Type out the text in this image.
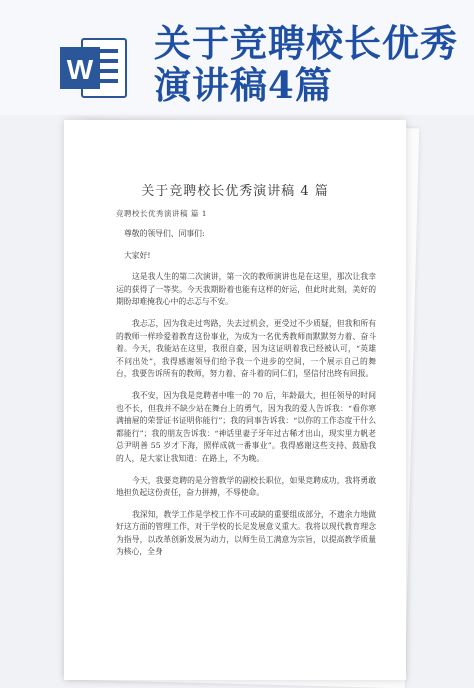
W
关于竞聘校长优秀
演讲稿4篇
关于竞聘校长优秀演讲稿 4 篇
竞聘校长优秀演讲稿 篇 1

尊敬的领导们、同事们:

大家好!

这是我人生的第二次演讲，第一次的教师演讲也是在这里，那次让我幸运的获得了一等奖。今天我期盼着也能有这样的好运，但此时此刻，美好的期盼却难掩我心中的忐忑与不安。

我忐忑，因为我走过弯路，失去过机会，更受过不少质疑，但我和所有的教师一样珍爱着教育这份事业，为成为一名优秀教师而默默努力着、奋斗着。今天，我能站在这里，我很自豪，因为这证明着我已经被认可，“英雄不问出处”，我得感谢领导们给予我一个进步的空间，一个展示自己的舞台，我要告诉所有的教师，努力着、奋斗着的同仁们，坚信付出终有回报。

我不安，因为我是竞聘者中唯一的 70 后，年龄最大，担任领导的时间也不长，但我并不缺少站在舞台上的勇气，因为我的爱人告诉我：“看你寒满抽屉的荣誉证书证明你能行”；我的同事告诉我：“以你的工作态度干什么都能行”；我的朋友告诉我：“神话里妻子牙年过古稀才出山，现实里力帆老总尹明善 55 岁才下海，照样成就一番事业”。我得感谢这些支持、鼓励我的人，是大家让我知道：在路上，不为晚。

今天，我要竞聘的是分管教学的副校长职位，如果竞聘成功，我将勇敢地担负起这份责任，奋力拼搏，不辱使命。

我深知，教学工作是学校工作不可或缺的重要组成部分，不遗余力地做好这方面的管理工作，对于学校的长足发展意义重大。我将以现代教育理念为指导，以改革创新发展为动力，以师生员工满意为宗旨，以提高教学质量为核心，全身
